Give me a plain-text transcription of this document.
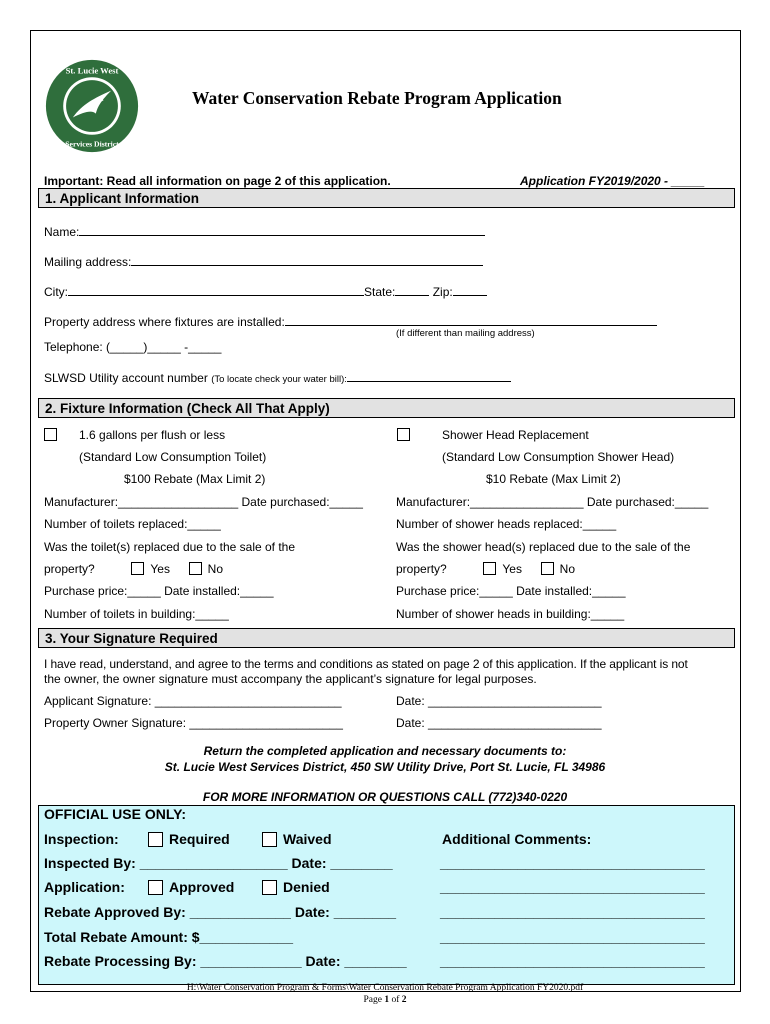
St. Lucie West
Services District
Water Conservation Rebate Program Application
Important: Read all information on page 2 of this application.	Application FY2019/2020 - _____
1. Applicant Information
Name:
Mailing address:
City:	State:	Zip:
Property address where fixtures are installed:
(If different than mailing address)
Telephone: (_____)_____ -_____
SLWSD Utility account number (To locate check your water bill):
2. Fixture Information (Check All That Apply)
1.6 gallons per flush or less
(Standard Low Consumption Toilet)
$100 Rebate (Max Limit 2)
Manufacturer:__________________ Date purchased:_____
Number of toilets replaced:_____
Was the toilet(s) replaced due to the sale of the
property?	Yes	No
Purchase price:_____ Date installed:_____
Number of toilets in building:_____
Shower Head Replacement
(Standard Low Consumption Shower Head)
$10 Rebate (Max Limit 2)
Manufacturer:_________________ Date purchased:_____
Number of shower heads replaced:_____
Was the shower head(s) replaced due to the sale of the
property?	Yes	No
Purchase price:_____ Date installed:_____
Number of shower heads in building:_____
3. Your Signature Required
I have read, understand, and agree to the terms and conditions as stated on page 2 of this application. If the applicant is not
the owner, the owner signature must accompany the applicant’s signature for legal purposes.
Applicant Signature: ____________________________	Date: __________________________
Property Owner Signature: _______________________	Date: __________________________
Return the completed application and necessary documents to:
St. Lucie West Services District, 450 SW Utility Drive, Port St. Lucie, FL 34986
FOR MORE INFORMATION OR QUESTIONS CALL (772)340-0220
OFFICIAL USE ONLY:
Inspection:	Required	Waived	Additional Comments:
Inspected By: ___________________ Date: ________
Application:	Approved	Denied
Rebate Approved By: _____________ Date: ________
Total Rebate Amount: $____________
Rebate Processing By: _____________ Date: ________
__________________________________
__________________________________
__________________________________
__________________________________
__________________________________
H:\Water Conservation Program & Forms\Water Conservation Rebate Program Application FY2020.pdf
Page 1 of 2
